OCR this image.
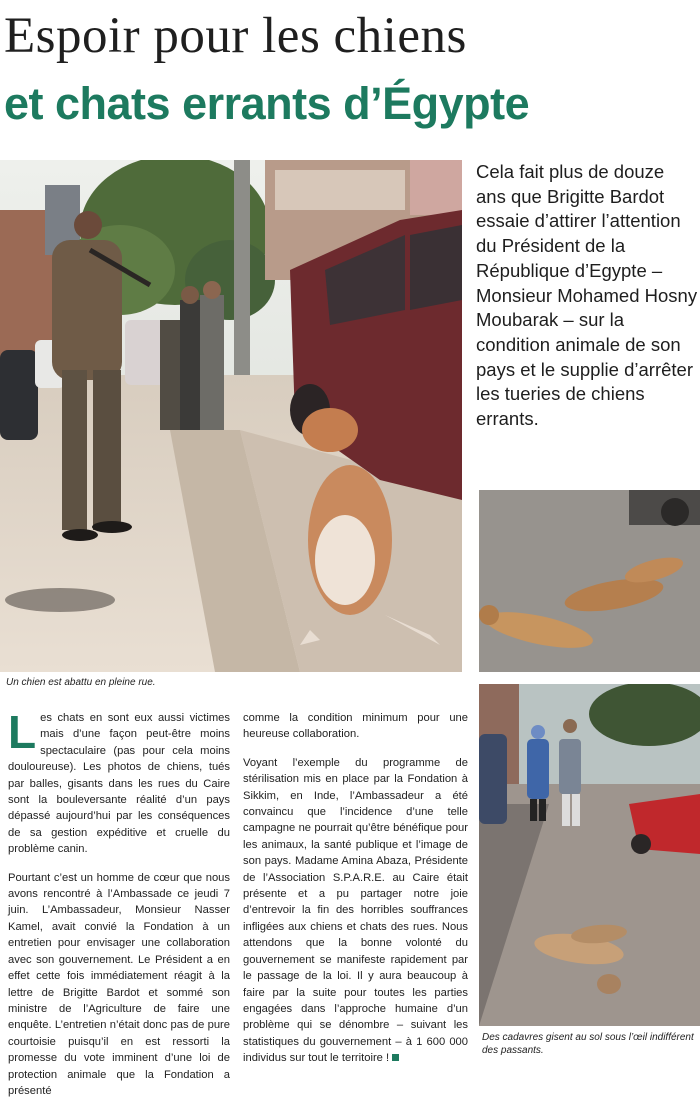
Espoir pour les chiens
et chats errants d’Égypte
Un chien est abattu en pleine rue.
Cela fait plus de douze ans que Brigitte Bardot essaie d’attirer l’attention du Président de la République d’Egypte – Monsieur Mohamed Hosny Moubarak – sur la condition animale de son pays et le supplie d’arrêter les tueries de chiens errants.
Des cadavres gisent au sol sous l’œil indifférent des passants.

Les chats en sont eux aussi victimes mais d’une façon peut-être moins spectaculaire (pas pour cela moins douloureuse). Les photos de chiens, tués par balles, gisants dans les rues du Caire sont la bouleversante réalité d’un pays dépassé aujourd’hui par les conséquences de sa gestion expéditive et cruelle du problème canin.

Pourtant c’est un homme de cœur que nous avons rencontré à l’Ambassade ce jeudi 7 juin. L’Ambassadeur, Monsieur Nasser Kamel, avait convié la Fondation à un entretien pour envisager une collaboration avec son gouvernement. Le Président a en effet cette fois immédiatement réagit à la lettre de Brigitte Bardot et sommé son ministre de l’Agriculture de faire une enquête. L’entretien n’était donc pas de pure courtoisie puisqu’il en est ressorti la promesse du vote imminent d’une loi de protection animale que la Fondation a présenté

comme la condition minimum pour une heureuse collaboration.

Voyant l’exemple du programme de stérilisation mis en place par la Fondation à Sikkim, en Inde, l’Ambassadeur a été convaincu que l’incidence d’une telle campagne ne pourrait qu’être bénéfique pour les animaux, la santé publique et l’image de son pays. Madame Amina Abaza, Présidente de l’Association S.P.A.R.E. au Caire était présente et a pu partager notre joie d’entrevoir la fin des horribles souffrances infligées aux chiens et chats des rues. Nous attendons que la bonne volonté du gouvernement se manifeste rapidement par le passage de la loi. Il y aura beaucoup à faire par la suite pour toutes les parties engagées dans l’approche humaine d’un problème qui se dénombre – suivant les statistiques du gouvernement – à 1 600 000 individus sur tout le territoire !
